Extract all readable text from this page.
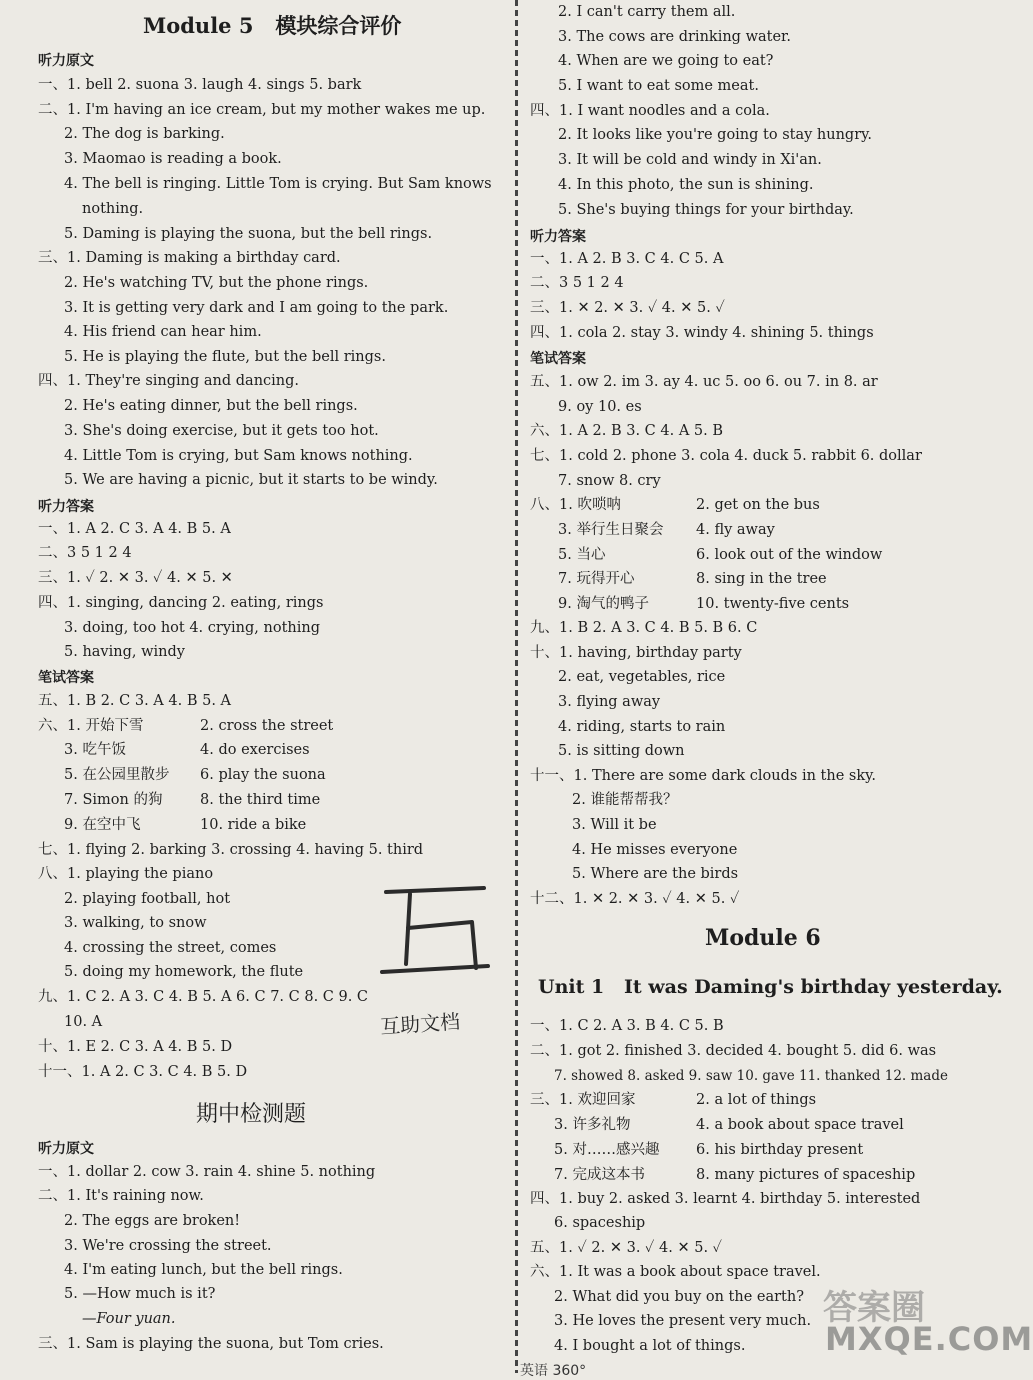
Module 5 模块综合评价
听力原文
一、1. bell 2. suona 3. laugh 4. sings 5. bark
二、1. I'm having an ice cream, but my mother wakes me up.
2. The dog is barking.
3. Maomao is reading a book.
4. The bell is ringing. Little Tom is crying. But Sam knows
nothing.
5. Daming is playing the suona, but the bell rings.
三、1. Daming is making a birthday card.
2. He's watching TV, but the phone rings.
3. It is getting very dark and I am going to the park.
4. His friend can hear him.
5. He is playing the flute, but the bell rings.
四、1. They're singing and dancing.
2. He's eating dinner, but the bell rings.
3. She's doing exercise, but it gets too hot.
4. Little Tom is crying, but Sam knows nothing.
5. We are having a picnic, but it starts to be windy.
听力答案
一、1. A 2. C 3. A 4. B 5. A
二、3 5 1 2 4
三、1. ✓ 2. ✕ 3. ✓ 4. ✕ 5. ✕
四、1. singing, dancing 2. eating, rings
3. doing, too hot 4. crying, nothing
5. having, windy
笔试答案
五、1. B 2. C 3. A 4. B 5. A
六、1. 开始下雪	2. cross the street
3. 吃午饭	4. do exercises
5. 在公园里散步 6. play the suona
7. Simon 的狗	8. the third time
9. 在空中飞	10. ride a bike
七、1. flying 2. barking 3. crossing 4. having 5. third
八、1. playing the piano
2. playing football, hot
3. walking, to snow
4. crossing the street, comes
5. doing my homework, the flute
九、1. C 2. A 3. C 4. B 5. A 6. C 7. C 8. C 9. C
10. A
十、1. E 2. C 3. A 4. B 5. D
十一、1. A 2. C 3. C 4. B 5. D
期中检测题
听力原文
一、1. dollar 2. cow 3. rain 4. shine 5. nothing
二、1. It's raining now.
2. The eggs are broken!
3. We're crossing the street.
4. I'm eating lunch, but the bell rings.
5. —How much is it?
—Four yuan.
三、1. Sam is playing the suona, but Tom cries.
2. I can't carry them all.
3. The cows are drinking water.
4. When are we going to eat?
5. I want to eat some meat.
四、1. I want noodles and a cola.
2. It looks like you're going to stay hungry.
3. It will be cold and windy in Xi'an.
4. In this photo, the sun is shining.
5. She's buying things for your birthday.
听力答案
一、1. A 2. B 3. C 4. C 5. A
二、3 5 1 2 4
三、1. ✕ 2. ✕ 3. ✓ 4. ✕ 5. ✓
四、1. cola 2. stay 3. windy 4. shining 5. things
笔试答案
五、1. ow 2. im 3. ay 4. uc 5. oo 6. ou 7. in 8. ar
9. oy 10. es
六、1. A 2. B 3. C 4. A 5. B
七、1. cold 2. phone 3. cola 4. duck 5. rabbit 6. dollar
7. snow 8. cry
八、1. 吹唢呐	2. get on the bus
3. 举行生日聚会 4. fly away
5. 当心	6. look out of the window
7. 玩得开心	8. sing in the tree
9. 淘气的鸭子	10. twenty-five cents
九、1. B 2. A 3. C 4. B 5. B 6. C
十、1. having, birthday party
2. eat, vegetables, rice
3. flying away
4. riding, starts to rain
5. is sitting down
十一、1. There are some dark clouds in the sky.
2. 谁能帮帮我？
3. Will it be
4. He misses everyone
5. Where are the birds
十二、1. ✕ 2. ✕ 3. ✓ 4. ✕ 5. ✓
Module 6
Unit 1 It was Daming's birthday yesterday.
一、1. C 2. A 3. B 4. C 5. B
二、1. got 2. finished 3. decided 4. bought 5. did 6. was
7. showed 8. asked 9. saw 10. gave 11. thanked 12. made
三、1. 欢迎回家	2. a lot of things
3. 许多礼物	4. a book about space travel
5. 对……感兴趣	6. his birthday present
7. 完成这本书	8. many pictures of spaceship
四、1. buy 2. asked 3. learnt 4. birthday 5. interested
6. spaceship
五、1. ✓ 2. ✕ 3. ✓ 4. ✕ 5. ✓
六、1. It was a book about space travel.
2. What did you buy on the earth?
3. He loves the present very much.
4. I bought a lot of things.
互助文档
英语 360°
答案圈
MXQE.COM
